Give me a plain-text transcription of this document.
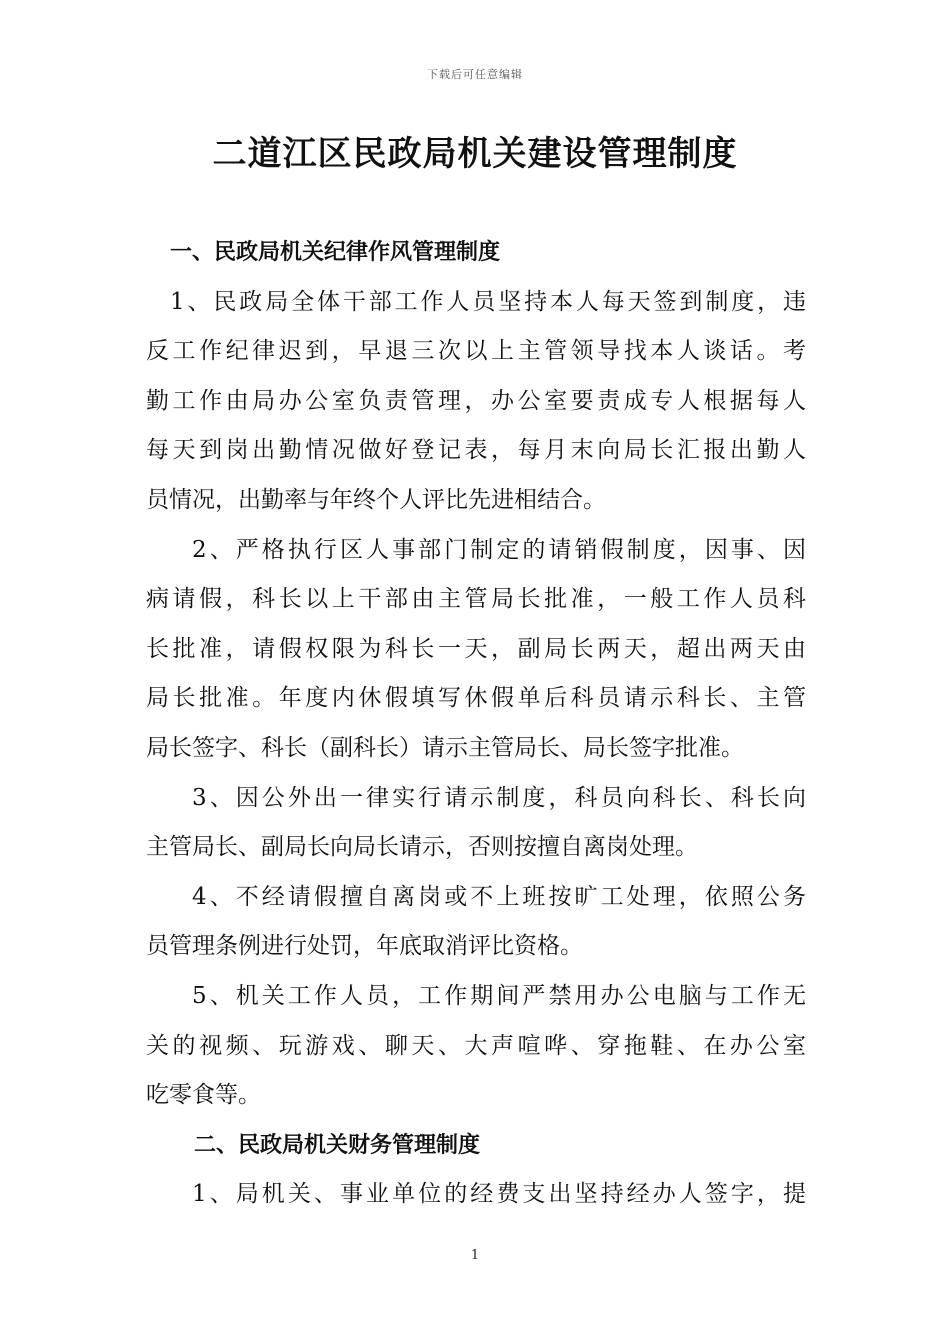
下载后可任意编辑
二道江区民政局机关建设管理制度
一、民政局机关纪律作风管理制度
1、民政局全体干部工作人员坚持本人每天签到制度，违
反工作纪律迟到，早退三次以上主管领导找本人谈话。考
勤工作由局办公室负责管理，办公室要责成专人根据每人
每天到岗出勤情况做好登记表，每月末向局长汇报出勤人
员情况，出勤率与年终个人评比先进相结合。
2、严格执行区人事部门制定的请销假制度，因事、因
病请假，科长以上干部由主管局长批准，一般工作人员科
长批准，请假权限为科长一天，副局长两天，超出两天由
局长批准。年度内休假填写休假单后科员请示科长、主管
局长签字、科长（副科长）请示主管局长、局长签字批准。
3、因公外出一律实行请示制度，科员向科长、科长向
主管局长、副局长向局长请示，否则按擅自离岗处理。
4、不经请假擅自离岗或不上班按旷工处理，依照公务
员管理条例进行处罚，年底取消评比资格。
5、机关工作人员，工作期间严禁用办公电脑与工作无
关的视频、玩游戏、聊天、大声喧哗、穿拖鞋、在办公室
吃零食等。
二、民政局机关财务管理制度
1、局机关、事业单位的经费支出坚持经办人签字，提
1
